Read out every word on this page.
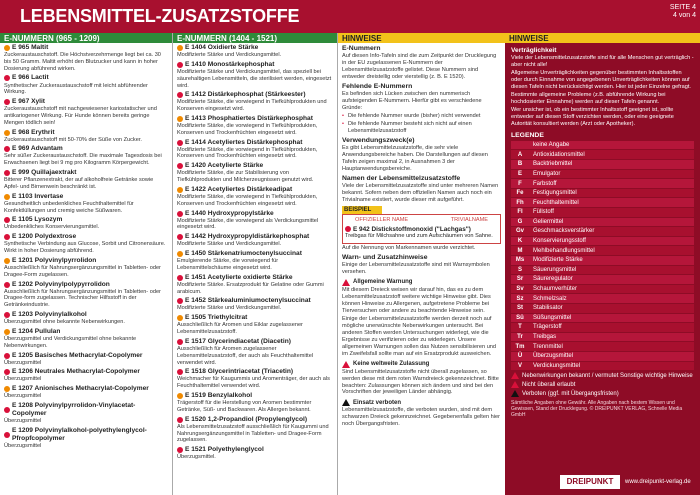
LEBENSMITTEL-ZUSATZSTOFFE	SEITE 4
4 von 4
E-NUMMERN (965 - 1209)
E 965 Maltit
Zuckeraustauschstoff. Die Höchstverzehrmenge liegt bei ca. 30 bis 50 Gramm. Maltit erhöht den Blutzucker und kann in hoher Dosierung abführend wirken.
E 966 Lactit
Synthetischer Zuckeraustauschstoff mit leicht abführender Wirkung.
E 967 Xylit
Zuckeraustauschstoff mit nachgewiesener kariostatischer und antikariogener Wirkung. Für Hunde können bereits geringe Mengen tödlich sein!
E 968 Erythrit
Zuckeraustauschstoff mit 50-70% der Süße von Zucker.
E 969 Advantam
Sehr süßer Zuckeraustauschstoff. Die maximale Tagesdosis bei Erwachsenen liegt bei 9 mg pro Kilogramm Körpergewicht.
E 999 Quillajaextrakt
Bitterer Pflanzenextrakt, der auf alkoholfreie Getränke sowie Apfel- und Birnenwein beschränkt ist.
E 1103 Invertase
Gesundheitlich unbedenkliches Feuchthaltemittel für Konfektlüllungen und cremig weiche Süßwaren.
E 1105 Lysozym
Unbedenkliches Konservierungsmittel.
E 1200 Polydextrose
Synthetische Verbindung aus Glucose, Sorbit und Citronensäure. Wirkt in hoher Dosierung abführend.
E 1201 Polyvinylpyrrolidon
Ausschließlich für Nahrungsergänzungsmittel in Tabletten- oder Dragee-Form zugelassen.
E 1202 Polyvinylpolypyrrolidon
Ausschließlich für Nahrungsergänzungsmittel in Tabletten- oder Dragee-form zugelassen. Technischer Hilfsstoff in der Getränkeindustrie.
E 1203 Polyvinylalkohol
Überzugsmittel ohne bekannte Nebenwirkungen.
E 1204 Pullulan
Überzugsmittel und Verdickungsmittel ohne bekannte Nebenwirkungen.
E 1205 Basisches Methacrylat-Copolymer
Überzugsmittel
E 1206 Neutrales Methacrylat-Copolymer
Überzugsmittel
E 1207 Anionisches Methacrylat-Copolymer
Überzugsmittel
E 1208 Polyvinylpyrrolidon-Vinylacetat-Copolymer
Überzugsmittel
E 1209 Polyvinylalkohol-polyethylenglycol-Pfropfcopolymer
Überzugsmittel
E-NUMMERN (1404 - 1521)
E 1404 Oxidierte Stärke
Modifizierte Stärke und Verdickungsmittel.
E 1410 Monostärkephosphat
Modifizierte Stärke und Verdickungsmittel, das speziell bei säurehaltigen Lebensmitteln, die sterilisiert werden, eingesetzt wird.
E 1412 Distärkephosphat (Stärkeester)
Modifizierte Stärke, die vorwiegend in Tiefkühlprodukten und Konserven eingesetzt wird.
E 1413 Phosphatiertes Distärkephosphat
Modifizierte Stärke, die vorwiegend in Tiefkühlprodukten, Konserven und Trockenfrüchten eingesetzt wird.
E 1414 Acetyliertes Distärkephosphat
Modifizierte Stärke, die vorwiegend in Tiefkühlprodukten, Konserven und Trockenfrüchten eingesetzt wird.
E 1420 Acetylierte Stärke
Modifizierte Stärke, die zur Stabilisierung von Tiefkühlprodukten und Milcherzeugnissen genutzt wird.
E 1422 Acetyliertes Distärkeadipat
Modifizierte Stärke, die vorwiegend in Tiefkühlprodukten, Konserven und Trockenfrüchten eingesetzt wird.
E 1440 Hydroxypropylstärke
Modifizierte Stärke, die vorwiegend als Verdickungsmittel eingesetzt wird.
E 1442 Hydroxypropyldistärkephosphat
Modifizierte Stärke und Verdickungsmittel.
E 1450 Stärkenatriumoctenylsuccinat
Emulgierende Stärke, die vorwiegend für Lebensmittelschäume eingesetzt wird.
E 1451 Acetylierte oxidierte Stärke
Modifizierte Stärke. Ersatzprodukt für Gelatine oder Gummi arabicum.
E 1452 Stärkealuminiumoctenylsuccinat
Modifizierte Stärke und Verdickungsmittel.
E 1505 Triethylcitrat
Ausschließlich für Aromen und Eiklar zugelassener Lebensmittelzusatzstoff.
E 1517 Glycerindiacetat (Diacetin)
Ausschließlich für Aromen zugelassener Lebensmittelzusatzstoff, der auch als Feuchthaltemittel verwendet wird.
E 1518 Glycerintriacetat (Triacetin)
Weichmacher für Kaugummis und Aromenträger, der auch als Feuchthaltemittel verwendet wird.
E 1519 Benzylalkohol
Trägerstoff für die Herstellung von Aromen bestimmter Getränke, Süß- und Backwaren. Als Allergen bekannt.
E 1520 1,2-Propandiol (Propylenglycol)
Als Lebensmittelzusatzstoff ausschließlich für Kaugummi und Nahrungsergänzungsmittel in Tabletten- und Dragee-Form zugelassen.
E 1521 Polyethylenglycol
Überzugsmittel.
HINWEISE
E-Nummern
Auf diesen Info-Tafeln sind die zum Zeitpunkt der Drucklegung in der EU zugelassenen E-Nummern der Lebensmittelzusatzstoffe gelistet. Diese Nummern sind entweder dreistellig oder vierstellig (z. B. E 1520).
Fehlende E-Nummern
Es befinden sich Lücken zwischen den nummerisch aufsteigenden E-Nummern. Hierfür gibt es verschiedene Gründe:
• Die fehlende Nummer wurde (bisher) nicht verwendet
• Die fehlende Nummer besteht sich nicht auf einen Lebensmittelzusatzstoff
Verwendungszweck(e)
Es gibt Lebensmittelzusatzstoffe, die sehr viele Anwendungsbereiche haben. Die Darstellungen auf diesen Tafeln zeigen maximal 2, in Ausnahmen 3 der Hauptanwendungsbereiche.
Namen der Lebensmittelzusatzstoffe
Viele der Lebensmittelzusatzstoffe sind unter mehreren Namen bekannt. Sofern neben dem offiziellen Namen auch noch ein Trivialname existiert, wurde dieser mit aufgeführt.
BEISPIEL
OFFIZIELLER NAME	TRIVIALNAME
E 942 Distickstoffmonoxid ("Lachgas")
Treibgas für Milchsahne und zum Aufschäumen von Sahne.
Auf die Nennung von Markennamen wurde verzichtet.
Warn- und Zusatzhinweise
Einige der Lebensmittelzusatzstoffe sind mit Warnsymbolen versehen.
Allgemeine Warnung
Mit diesem Dreieck weisen wir darauf hin, das es zu dem Lebensmittelzusatzstoff weitere wichtige Hinweise gibt. Dies können Hinweise zu Allergenen, aufgetretene Probleme bei Tierversuchen oder andere zu beachtende Hinweise sein.
Einige der Lebensmittelzusatzstoffe werden derzeit noch auf mögliche unerwünschte Nebenwirkungen untersucht. Bei anderen Stoffen werden Untersuchungen widerlegt, wie die Ergebnisse zu verifizieren oder zu widerlegen. Unsere allgemeinen Warnungen sollen das Nutzen sensibilisieren und im Zweifelsfall sollte man auf ein Ersatzprodukt ausweichen.
Keine weltweite Zulassung
Sind Lebensmittelzusatzstoffe nicht überall zugelassen, so werden diese mit dem roten Warndreieck gekennzeichnet. Bitte beachten: Zulassungen können sich ändern und sind bei den Vorschriften der jeweiligen Länder abhängig.
Einsatz verboten
Lebensmittelzusatzstoffe, die verboten wurden, sind mit dem schwarzen Dreieck gekennzeichnet. Gegebenenfalls gelten hier noch Übergangsfristen.
HINWEISE
Verträglichkeit
Viele der Lebensmittelzusatzstoffe sind für alle Menschen gut verträglich - aber nicht alle!
Allgemeine Unverträglichkeiten gegenüber bestimmten Inhaltsstoffen oder durch Einnahme von angegebenen Unverträglichkeiten können auf diesen Tafeln nicht berücksichtigt werden. Hier ist jeder Einzelne gefragt.
Bestimmte allgemeine Probleme (z.B. abführende Wirkung bei hochdosierter Einnahme) werden auf dieser Tafeln genannt.
Wer unsicher ist, ob ein bestimmter Inhaltsstoff geeignet ist, sollte entweder auf diesen Stoff verzichten werden, oder eine geeignete Autorität konsultiert werden (Arzt oder Apotheker).
LEGENDE
keine Angabe
A	Antioxidationsmittel
B	Backtriebmittel
E	Emulgator
F	Farbstoff
Fe	Festigungsmittel
Fh	Feuchthaltemittel
Fl	Füllstoff
G	Geliermittel
Gv	Geschmacksverstärker
K	Konservierungsstoff
M	Mehlbehandlungsmittel
Ms	Modifizierte Stärke
S	Säuerungsmittel
Sr	Säureregulator
Sv	Schaumverhüter
Sz	Schmelzsalz
St	Stabilisator
Sü	Süßungsmittel
T	Trägerstoff
Tr	Treibgas
Tm	Trennmittel
Ü	Überzugsmittel
V	Verdickungsmittel
Nebenwirkungen bekannt / vermutet Sonstige wichtige Hinweise
Nicht überall erlaubt
Verboten (ggf. mit Übergangsfristen)
Sämtliche Angaben ohne Gewähr. Alle Angaben nach bestem Wissen und Gewissen, Stand der Drucklegung. © DREIPUNKT VERLAG, Schnelle Media GmbH
DREIPUNKT	www.dreipunkt-verlag.de
